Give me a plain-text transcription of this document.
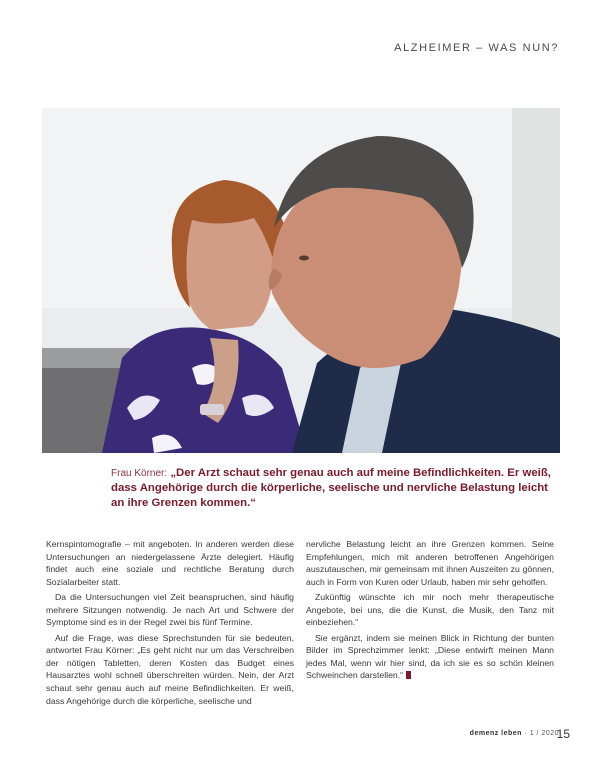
ALZHEIMER – WAS NUN?
Frau Körner: „Der Arzt schaut sehr genau auch auf meine Befindlichkeiten. Er weiß, dass Angehörige durch die körperliche, seelische und nervliche Belastung leicht an ihre Grenzen kommen.“

Kernspintomografie – mit angeboten. In anderen werden diese Untersuchungen an niedergelassene Ärzte delegiert. Häufig findet auch eine soziale und rechtliche Beratung durch Sozialarbeiter statt.

Da die Untersuchungen viel Zeit beanspruchen, sind häufig mehrere Sitzungen notwendig. Je nach Art und Schwere der Symptome sind es in der Regel zwei bis fünf Termine.

Auf die Frage, was diese Sprechstunden für sie bedeuten, antwortet Frau Körner: „Es geht nicht nur um das Verschreiben der nötigen Tabletten, deren Kosten das Budget eines Hausarztes wohl schnell überschreiten würden. Nein, der Arzt schaut sehr genau auch auf meine Befindlichkeiten. Er weiß, dass Angehörige durch die körperliche, seelische und

nervliche Belastung leicht an ihre Grenzen kommen. Seine Empfehlungen, mich mit anderen betroffenen Angehörigen auszutauschen, mir gemeinsam mit ihnen Auszeiten zu gönnen, auch in Form von Kuren oder Urlaub, haben mir sehr geholfen.

Zukünftig wünschte ich mir noch mehr therapeutische Angebote, bei uns, die die Kunst, die Musik, den Tanz mit einbeziehen.“

Sie ergänzt, indem sie meinen Blick in Richtung der bunten Bilder im Sprechzimmer lenkt: „Diese entwirft meinen Mann jedes Mal, wenn wir hier sind, da ich sie es so schön kleinen Schweinchen darstellen.“

demenz leben · 1 / 2020
15
